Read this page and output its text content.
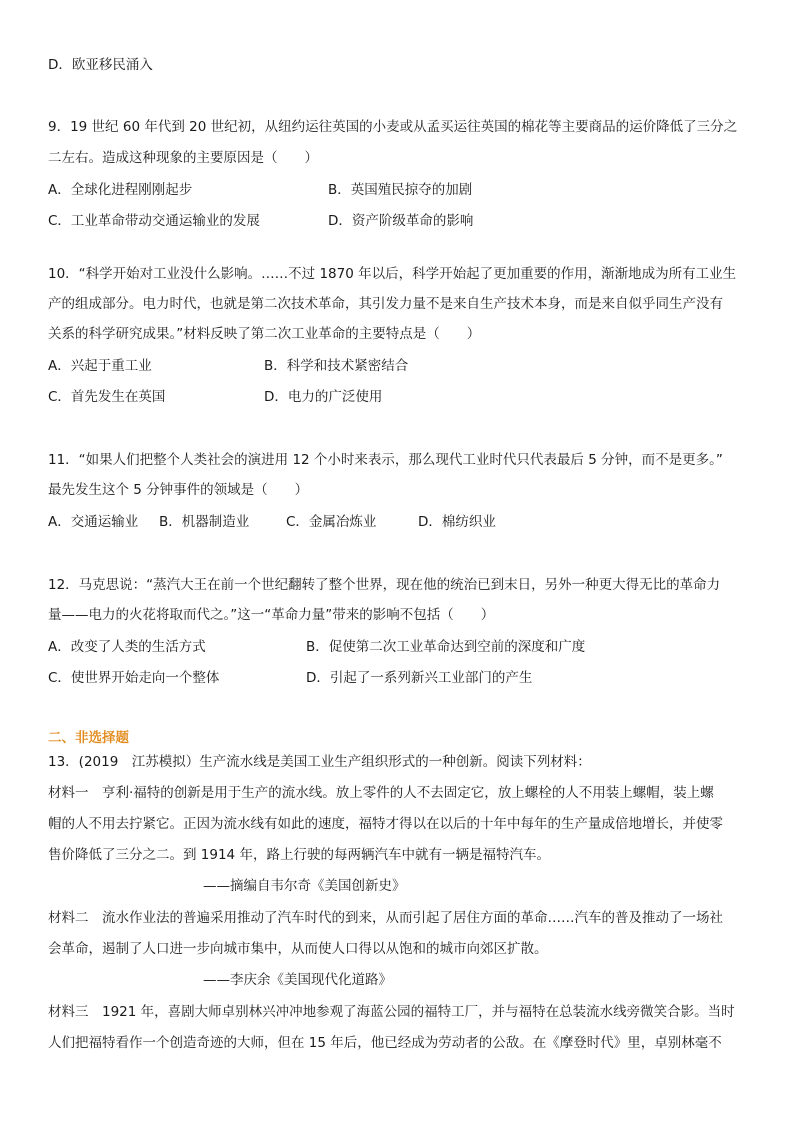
D．欧亚移民涌入
9．19 世纪 60 年代到 20 世纪初，从纽约运往英国的小麦或从孟买运往英国的棉花等主要商品的运价降低了三分之
二左右。造成这种现象的主要原因是（　　）
A．全球化进程刚刚起步	B．英国殖民掠夺的加剧
C．工业革命带动交通运输业的发展	D．资产阶级革命的影响
10．“科学开始对工业没什么影响。……不过 1870 年以后，科学开始起了更加重要的作用，渐渐地成为所有工业生
产的组成部分。电力时代，也就是第二次技术革命，其引发力量不是来自生产技术本身，而是来自似乎同生产没有
关系的科学研究成果。”材料反映了第二次工业革命的主要特点是（　　）
A．兴起于重工业	B．科学和技术紧密结合
C．首先发生在英国	D．电力的广泛使用
11．“如果人们把整个人类社会的演进用 12 个小时来表示，那么现代工业时代只代表最后 5 分钟，而不是更多。”
最先发生这个 5 分钟事件的领域是（　　）
A．交通运输业 B．机器制造业	C．金属冶炼业	D．棉纺织业
12．马克思说：“蒸汽大王在前一个世纪翻转了整个世界，现在他的统治已到末日，另外一种更大得无比的革命力
量——电力的火花将取而代之。”这一“革命力量”带来的影响不包括（　　）
A．改变了人类的生活方式	B．促使第二次工业革命达到空前的深度和广度
C．使世界开始走向一个整体	D．引起了一系列新兴工业部门的产生
二、非选择题
13．(2019　江苏模拟）生产流水线是美国工业生产组织形式的一种创新。阅读下列材料：
材料一　亨利·福特的创新是用于生产的流水线。放上零件的人不去固定它，放上螺栓的人不用装上螺帽，装上螺
帽的人不用去拧紧它。正因为流水线有如此的速度，福特才得以在以后的十年中每年的生产量成倍地增长，并使零
售价降低了三分之二。到 1914 年，路上行驶的每两辆汽车中就有一辆是福特汽车。
——摘编自韦尔奇《美国创新史》
材料二　流水作业法的普遍采用推动了汽车时代的到来，从而引起了居住方面的革命……汽车的普及推动了一场社
会革命，遏制了人口进一步向城市集中，从而使人口得以从饱和的城市向郊区扩散。
——李庆余《美国现代化道路》
材料三　1921 年，喜剧大师卓别林兴冲冲地参观了海蓝公园的福特工厂，并与福特在总装流水线旁微笑合影。当时
人们把福特看作一个创造奇迹的大师，但在 15 年后，他已经成为劳动者的公敌。在《摩登时代》里，卓别林毫不
